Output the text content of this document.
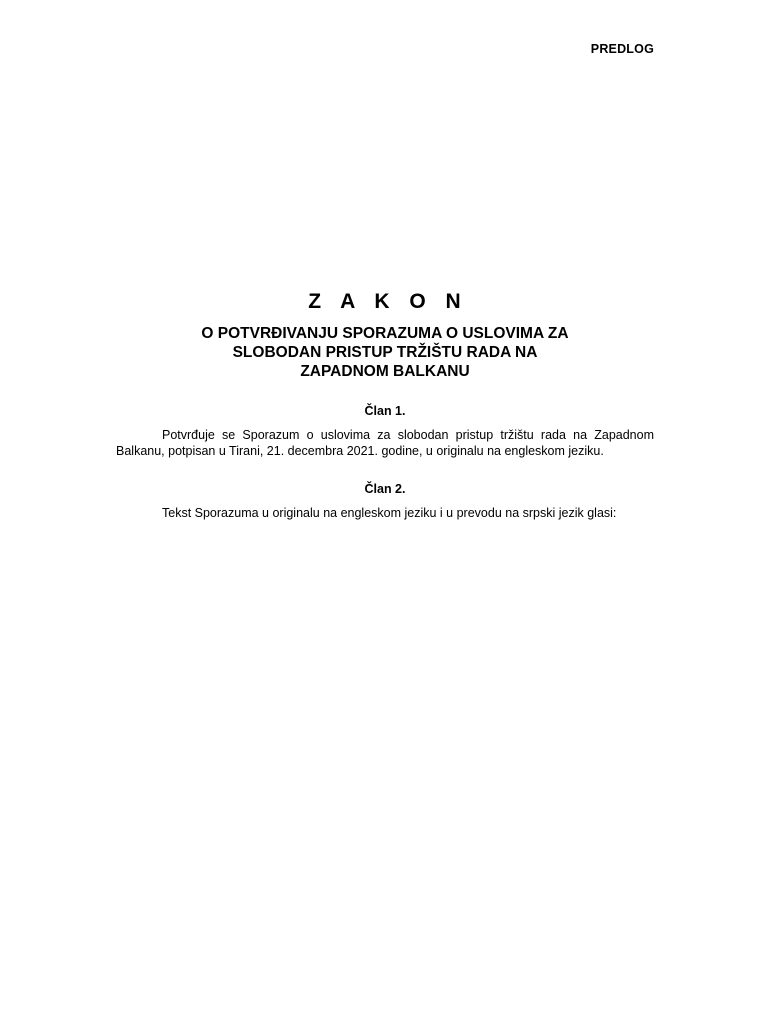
PREDLOG
Z A K O N
O POTVRĐIVANJU SPORAZUMA O USLOVIMA ZA
SLOBODAN PRISTUP TRŽIŠTU RADA NA
ZAPADNOM BALKANU
Član 1.
Potvrđuje se Sporazum o uslovima za slobodan pristup tržištu rada na Zapadnom Balkanu, potpisan u Tirani, 21. decembra 2021. godine, u originalu na engleskom jeziku.
Član 2.
Tekst Sporazuma u originalu na engleskom jeziku i u prevodu na srpski jezik glasi:
